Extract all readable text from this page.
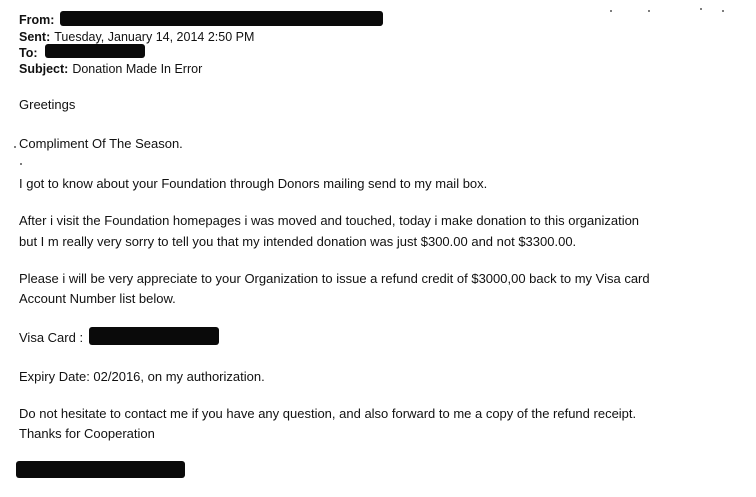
From:
Sent: Tuesday, January 14, 2014 2:50 PM
To:
Subject: Donation Made In Error
Greetings
Compliment Of The Season.
I got to know about your Foundation through Donors mailing send to my mail box.
After i visit the Foundation homepages i was moved and touched, today i make donation to this organization
but I m really very sorry to tell you that my intended donation was just $300.00 and not $3300.00.
Please i will be very appreciate to your Organization to issue a refund credit of $3000,00 back to my Visa card
Account Number list below.
Visa Card :
Expiry Date: 02/2016, on my authorization.
Do not hesitate to contact me if you have any question, and also forward to me a copy of the refund receipt.
Thanks for Cooperation
